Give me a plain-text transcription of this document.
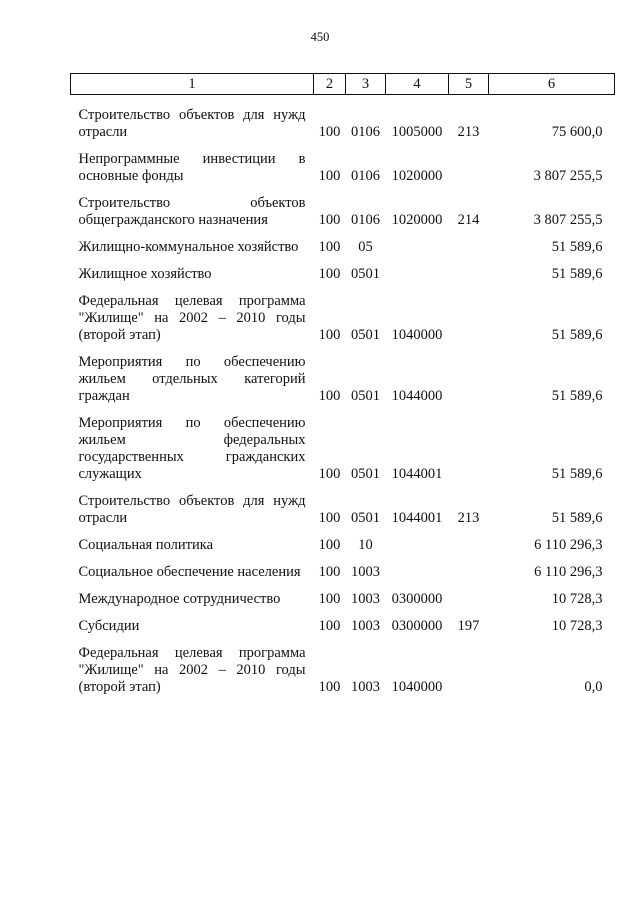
450
1	2	3	4	5	6
Строительство объектов для нужд отрасли	100	0106	1005000	213	75 600,0
Непрограммные инвестиции в основные фонды	100	0106	1020000		3 807 255,5
Строительство объектов общегражданского назначения	100	0106	1020000	214	3 807 255,5
Жилищно-коммунальное хозяйство	100	05			51 589,6
Жилищное хозяйство	100	0501			51 589,6
Федеральная целевая программа "Жилище" на 2002 – 2010 годы (второй этап)	100	0501	1040000		51 589,6
Мероприятия по обеспечению жильем отдельных категорий граждан	100	0501	1044000		51 589,6
Мероприятия по обеспечению жильем федеральных государственных гражданских служащих	100	0501	1044001		51 589,6
Строительство объектов для нужд отрасли	100	0501	1044001	213	51 589,6
Социальная политика	100	10			6 110 296,3
Социальное обеспечение населения	100	1003			6 110 296,3
Международное сотрудничество	100	1003	0300000		10 728,3
Субсидии	100	1003	0300000	197	10 728,3
Федеральная целевая программа "Жилище" на 2002 – 2010 годы (второй этап)	100	1003	1040000		0,0
